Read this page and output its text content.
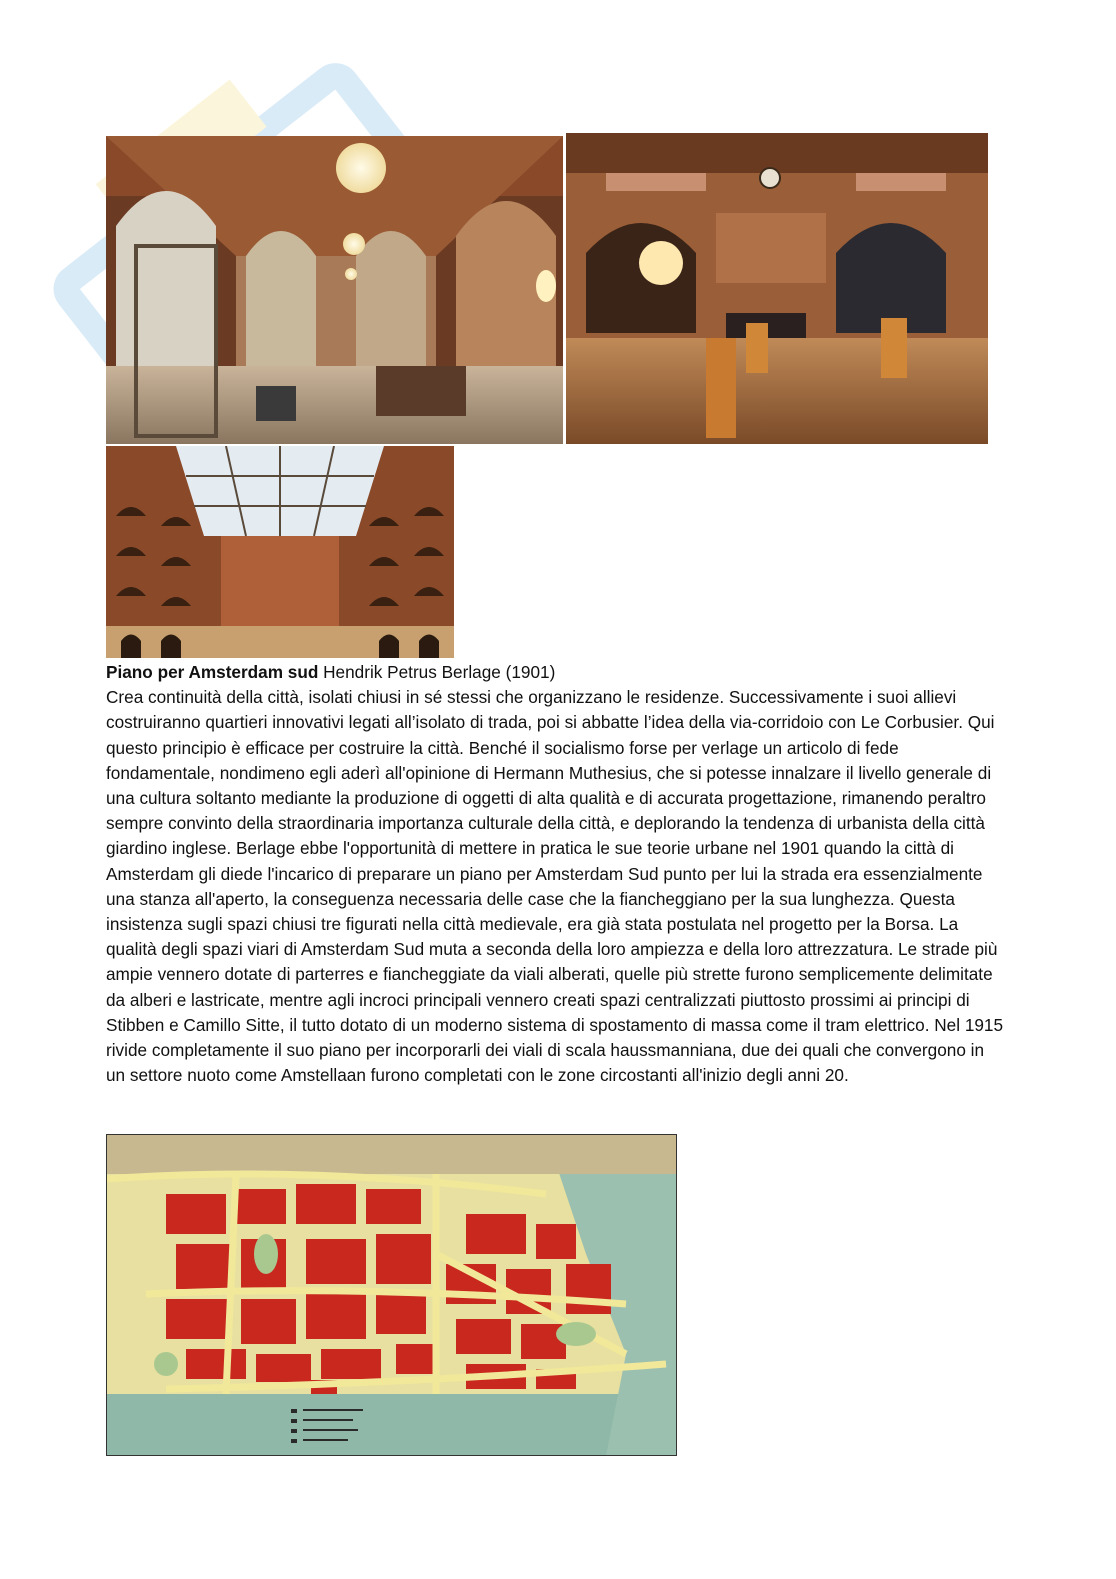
Piano per Amsterdam sud Hendrik Petrus Berlage (1901)

Crea continuità della città, isolati chiusi in sé stessi che organizzano le residenze. Successivamente i suoi allievi costruiranno quartieri innovativi legati all’isolato di trada, poi si abbatte l’idea della via-corridoio con Le Corbusier. Qui questo principio è efficace per costruire la città. Benché il socialismo forse per verlage un articolo di fede fondamentale, nondimeno egli aderì all'opinione di Hermann Muthesius, che si potesse innalzare il livello generale di una cultura soltanto mediante la produzione di oggetti di alta qualità e di accurata progettazione, rimanendo peraltro sempre convinto della straordinaria importanza culturale della città, e deplorando la tendenza di urbanista della città giardino inglese. Berlage ebbe l'opportunità di mettere in pratica le sue teorie urbane nel 1901 quando la città di Amsterdam gli diede l'incarico di preparare un piano per Amsterdam Sud punto per lui la strada era essenzialmente una stanza all'aperto, la conseguenza necessaria delle case che la fiancheggiano per la sua lunghezza. Questa insistenza sugli spazi chiusi tre figurati nella città medievale, era già stata postulata nel progetto per la Borsa. La qualità degli spazi viari di Amsterdam Sud muta a seconda della loro ampiezza e della loro attrezzatura. Le strade più ampie vennero dotate di parterres e fiancheggiate da viali alberati, quelle più strette furono semplicemente delimitate da alberi e lastricate, mentre agli incroci principali vennero creati spazi centralizzati piuttosto prossimi ai principi di Stibben e Camillo Sitte, il tutto dotato di un moderno sistema di spostamento di massa come il tram elettrico. Nel 1915 rivide completamente il suo piano per incorporarli dei viali di scala haussmanniana, due dei quali che convergono in un settore nuoto come Amstellaan furono completati con le zone circostanti all'inizio degli anni 20.
